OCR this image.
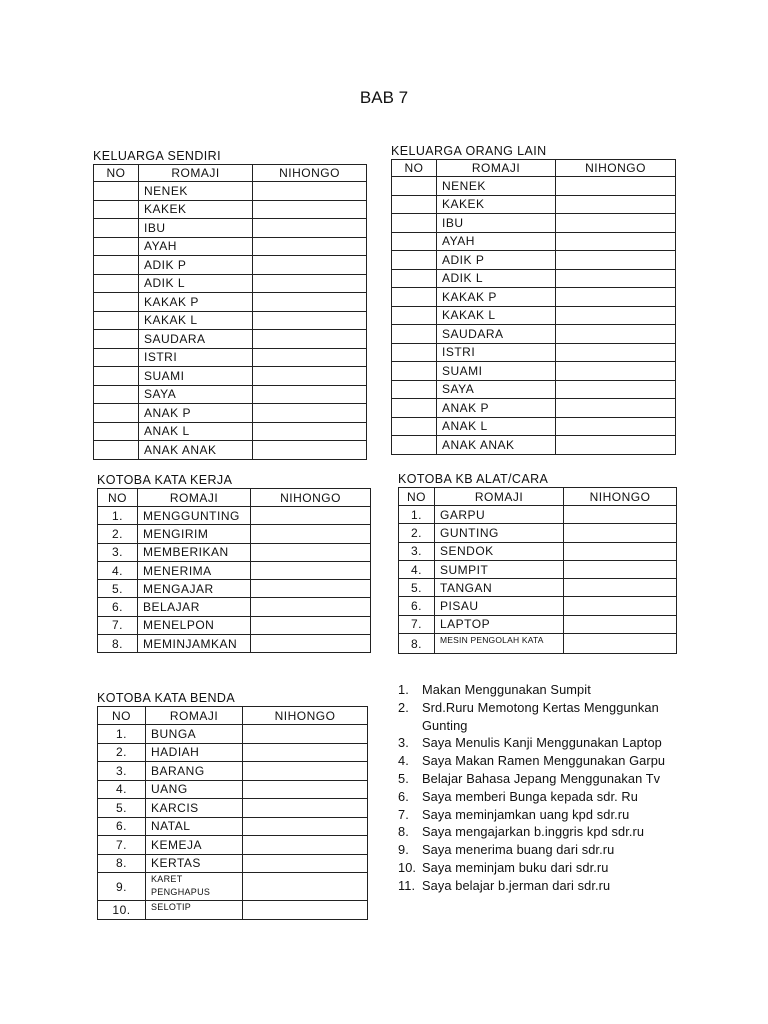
BAB 7
KELUARGA SENDIRI
NO	ROMAJI	NIHONGO
	NENEK	
	KAKEK	
	IBU	
	AYAH	
	ADIK P	
	ADIK L	
	KAKAK P	
	KAKAK L	
	SAUDARA	
	ISTRI	
	SUAMI	
	SAYA	
	ANAK P	
	ANAK L	
	ANAK ANAK	
KELUARGA ORANG LAIN
NO	ROMAJI	NIHONGO
	NENEK	
	KAKEK	
	IBU	
	AYAH	
	ADIK P	
	ADIK L	
	KAKAK P	
	KAKAK L	
	SAUDARA	
	ISTRI	
	SUAMI	
	SAYA	
	ANAK P	
	ANAK L	
	ANAK ANAK	
KOTOBA KATA KERJA
NO	ROMAJI	NIHONGO
1.	MENGGUNTING	
2.	MENGIRIM	
3.	MEMBERIKAN	
4.	MENERIMA	
5.	MENGAJAR	
6.	BELAJAR	
7.	MENELPON	
8.	MEMINJAMKAN	
KOTOBA KB ALAT/CARA
NO	ROMAJI	NIHONGO
1.	GARPU	
2.	GUNTING	
3.	SENDOK	
4.	SUMPIT	
5.	TANGAN	
6.	PISAU	
7.	LAPTOP	
8.	MESIN PENGOLAH KATA	
KOTOBA KATA BENDA
NO	ROMAJI	NIHONGO
1.	BUNGA	
2.	HADIAH	
3.	BARANG	
4.	UANG	
5.	KARCIS	
6.	NATAL	
7.	KEMEJA	
8.	KERTAS	
9.	KARET PENGHAPUS	
10.	SELOTIP	
1. Makan Menggunakan Sumpit
2. Srd.Ruru Memotong Kertas Menggunkan Gunting
3. Saya Menulis Kanji Menggunakan Laptop
4. Saya Makan Ramen Menggunakan Garpu
5. Belajar Bahasa Jepang Menggunakan Tv
6. Saya memberi Bunga kepada sdr. Ru
7. Saya meminjamkan uang kpd sdr.ru
8. Saya mengajarkan b.inggris kpd sdr.ru
9. Saya menerima buang dari sdr.ru
10. Saya meminjam buku dari sdr.ru
11. Saya belajar b.jerman dari sdr.ru
